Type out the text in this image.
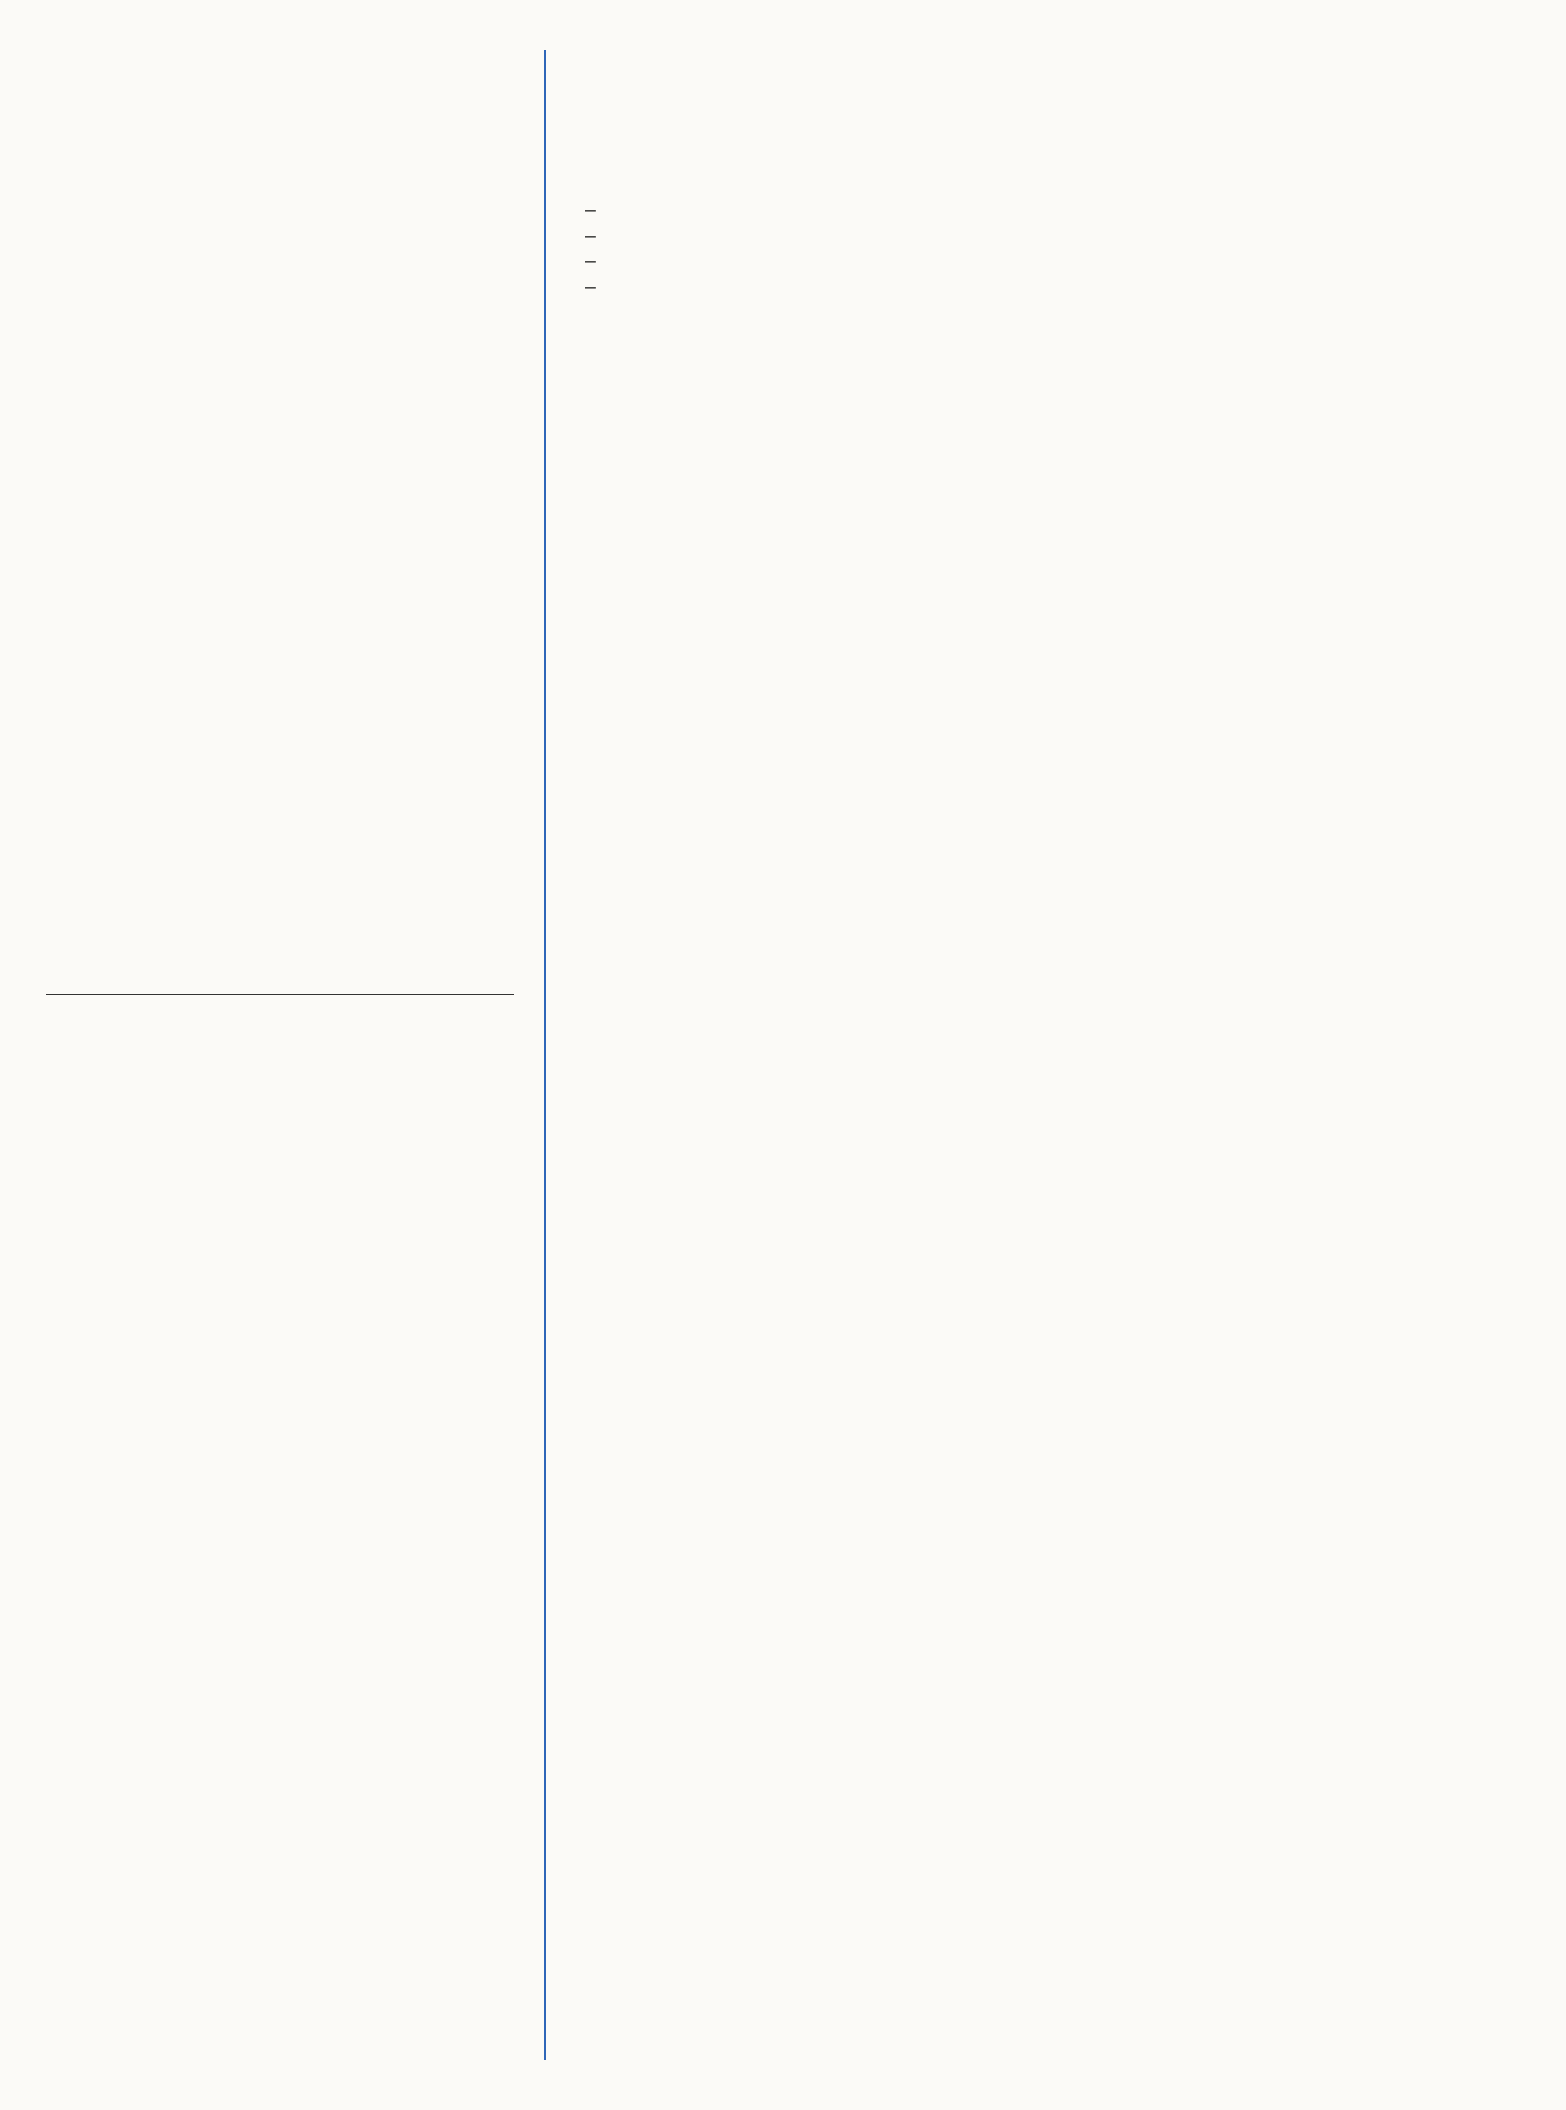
–
–
–
–
